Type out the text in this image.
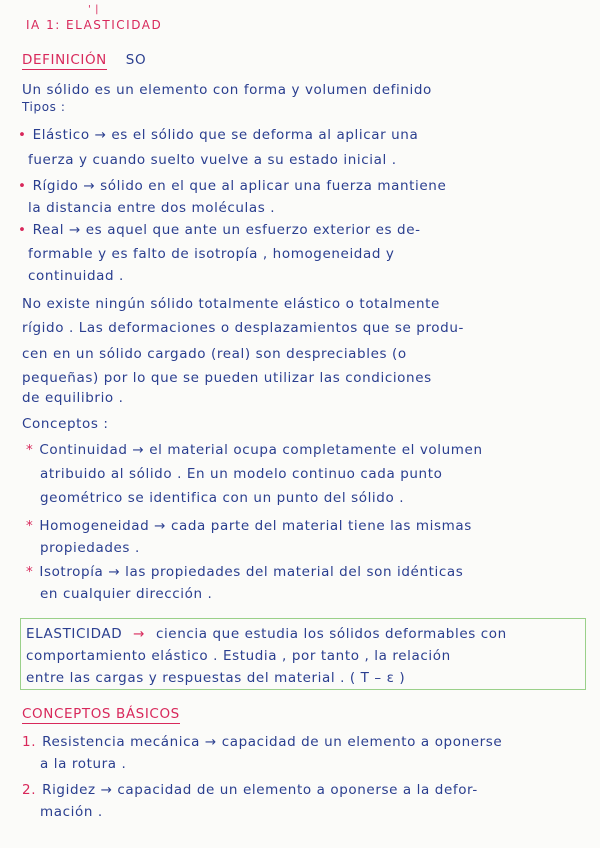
' |
IA 1: ELASTICIDAD
DEFINICIÓN SO
Un sólido es un elemento con forma y volumen definido
Tipos :
• Elástico → es el sólido que se deforma al aplicar una
fuerza y cuando suelto vuelve a su estado inicial .
• Rígido → sólido en el que al aplicar una fuerza mantiene
la distancia entre dos moléculas .
• Real → es aquel que ante un esfuerzo exterior es de-
formable y es falto de isotropía , homogeneidad y
continuidad .
No existe ningún sólido totalmente elástico o totalmente
rígido . Las deformaciones o desplazamientos que se produ-
cen en un sólido cargado (real) son despreciables (o
pequeñas) por lo que se pueden utilizar las condiciones
de equilibrio .
Conceptos :
* Continuidad → el material ocupa completamente el volumen
atribuido al sólido . En un modelo continuo cada punto
geométrico se identifica con un punto del sólido .
* Homogeneidad → cada parte del material tiene las mismas
propiedades .
* Isotropía → las propiedades del material del son idénticas
en cualquier dirección .
ELASTICIDAD → ciencia que estudia los sólidos deformables con
comportamiento elástico . Estudia , por tanto , la relación
entre las cargas y respuestas del material . ( T – ε )
CONCEPTOS BÁSICOS
1. Resistencia mecánica → capacidad de un elemento a oponerse
a la rotura .
2. Rigidez → capacidad de un elemento a oponerse a la defor-
mación .
